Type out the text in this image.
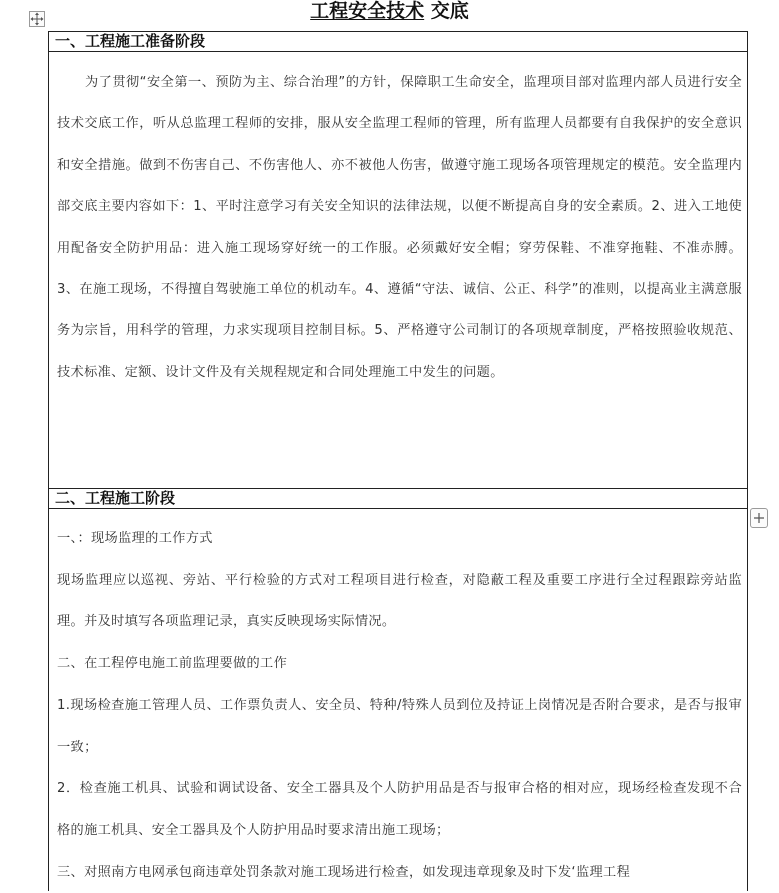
工程安全技术 交底
一、工程施工准备阶段

为了贯彻“安全第一、预防为主、综合治理”的方针，保障职工生命安全，监理项目部对监理内部人员进行安全技术交底工作，听从总监理工程师的安排，服从安全监理工程师的管理，所有监理人员都要有自我保护的安全意识和安全措施。做到不伤害自己、不伤害他人、亦不被他人伤害，做遵守施工现场各项管理规定的模范。安全监理内部交底主要内容如下：1、平时注意学习有关安全知识的法律法规，以便不断提高自身的安全素质。2、进入工地使用配备安全防护用品：进入施工现场穿好统一的工作服。必须戴好安全帽；穿劳保鞋、不准穿拖鞋、不准赤膊。3、在施工现场，不得擅自驾驶施工单位的机动车。4、遵循“守法、诚信、公正、科学”的准则，以提高业主满意服务为宗旨，用科学的管理，力求实现项目控制目标。5、严格遵守公司制订的各项规章制度，严格按照验收规范、技术标准、定额、设计文件及有关规程规定和合同处理施工中发生的问题。

二、工程施工阶段

一、：现场监理的工作方式

现场监理应以巡视、旁站、平行检验的方式对工程项目进行检查，对隐蔽工程及重要工序进行全过程跟踪旁站监理。并及时填写各项监理记录，真实反映现场实际情况。

二、在工程停电施工前监理要做的工作

1.现场检查施工管理人员、工作票负责人、安全员、特种/特殊人员到位及持证上岗情况是否附合要求，是否与报审一致；

2．检查施工机具、试验和调试设备、安全工器具及个人防护用品是否与报审合格的相对应，现场经检查发现不合格的施工机具、安全工器具及个人防护用品时要求清出施工现场；

三、对照南方电网承包商违章处罚条款对施工现场进行检查，如发现违章现象及时下发‘监理工程
